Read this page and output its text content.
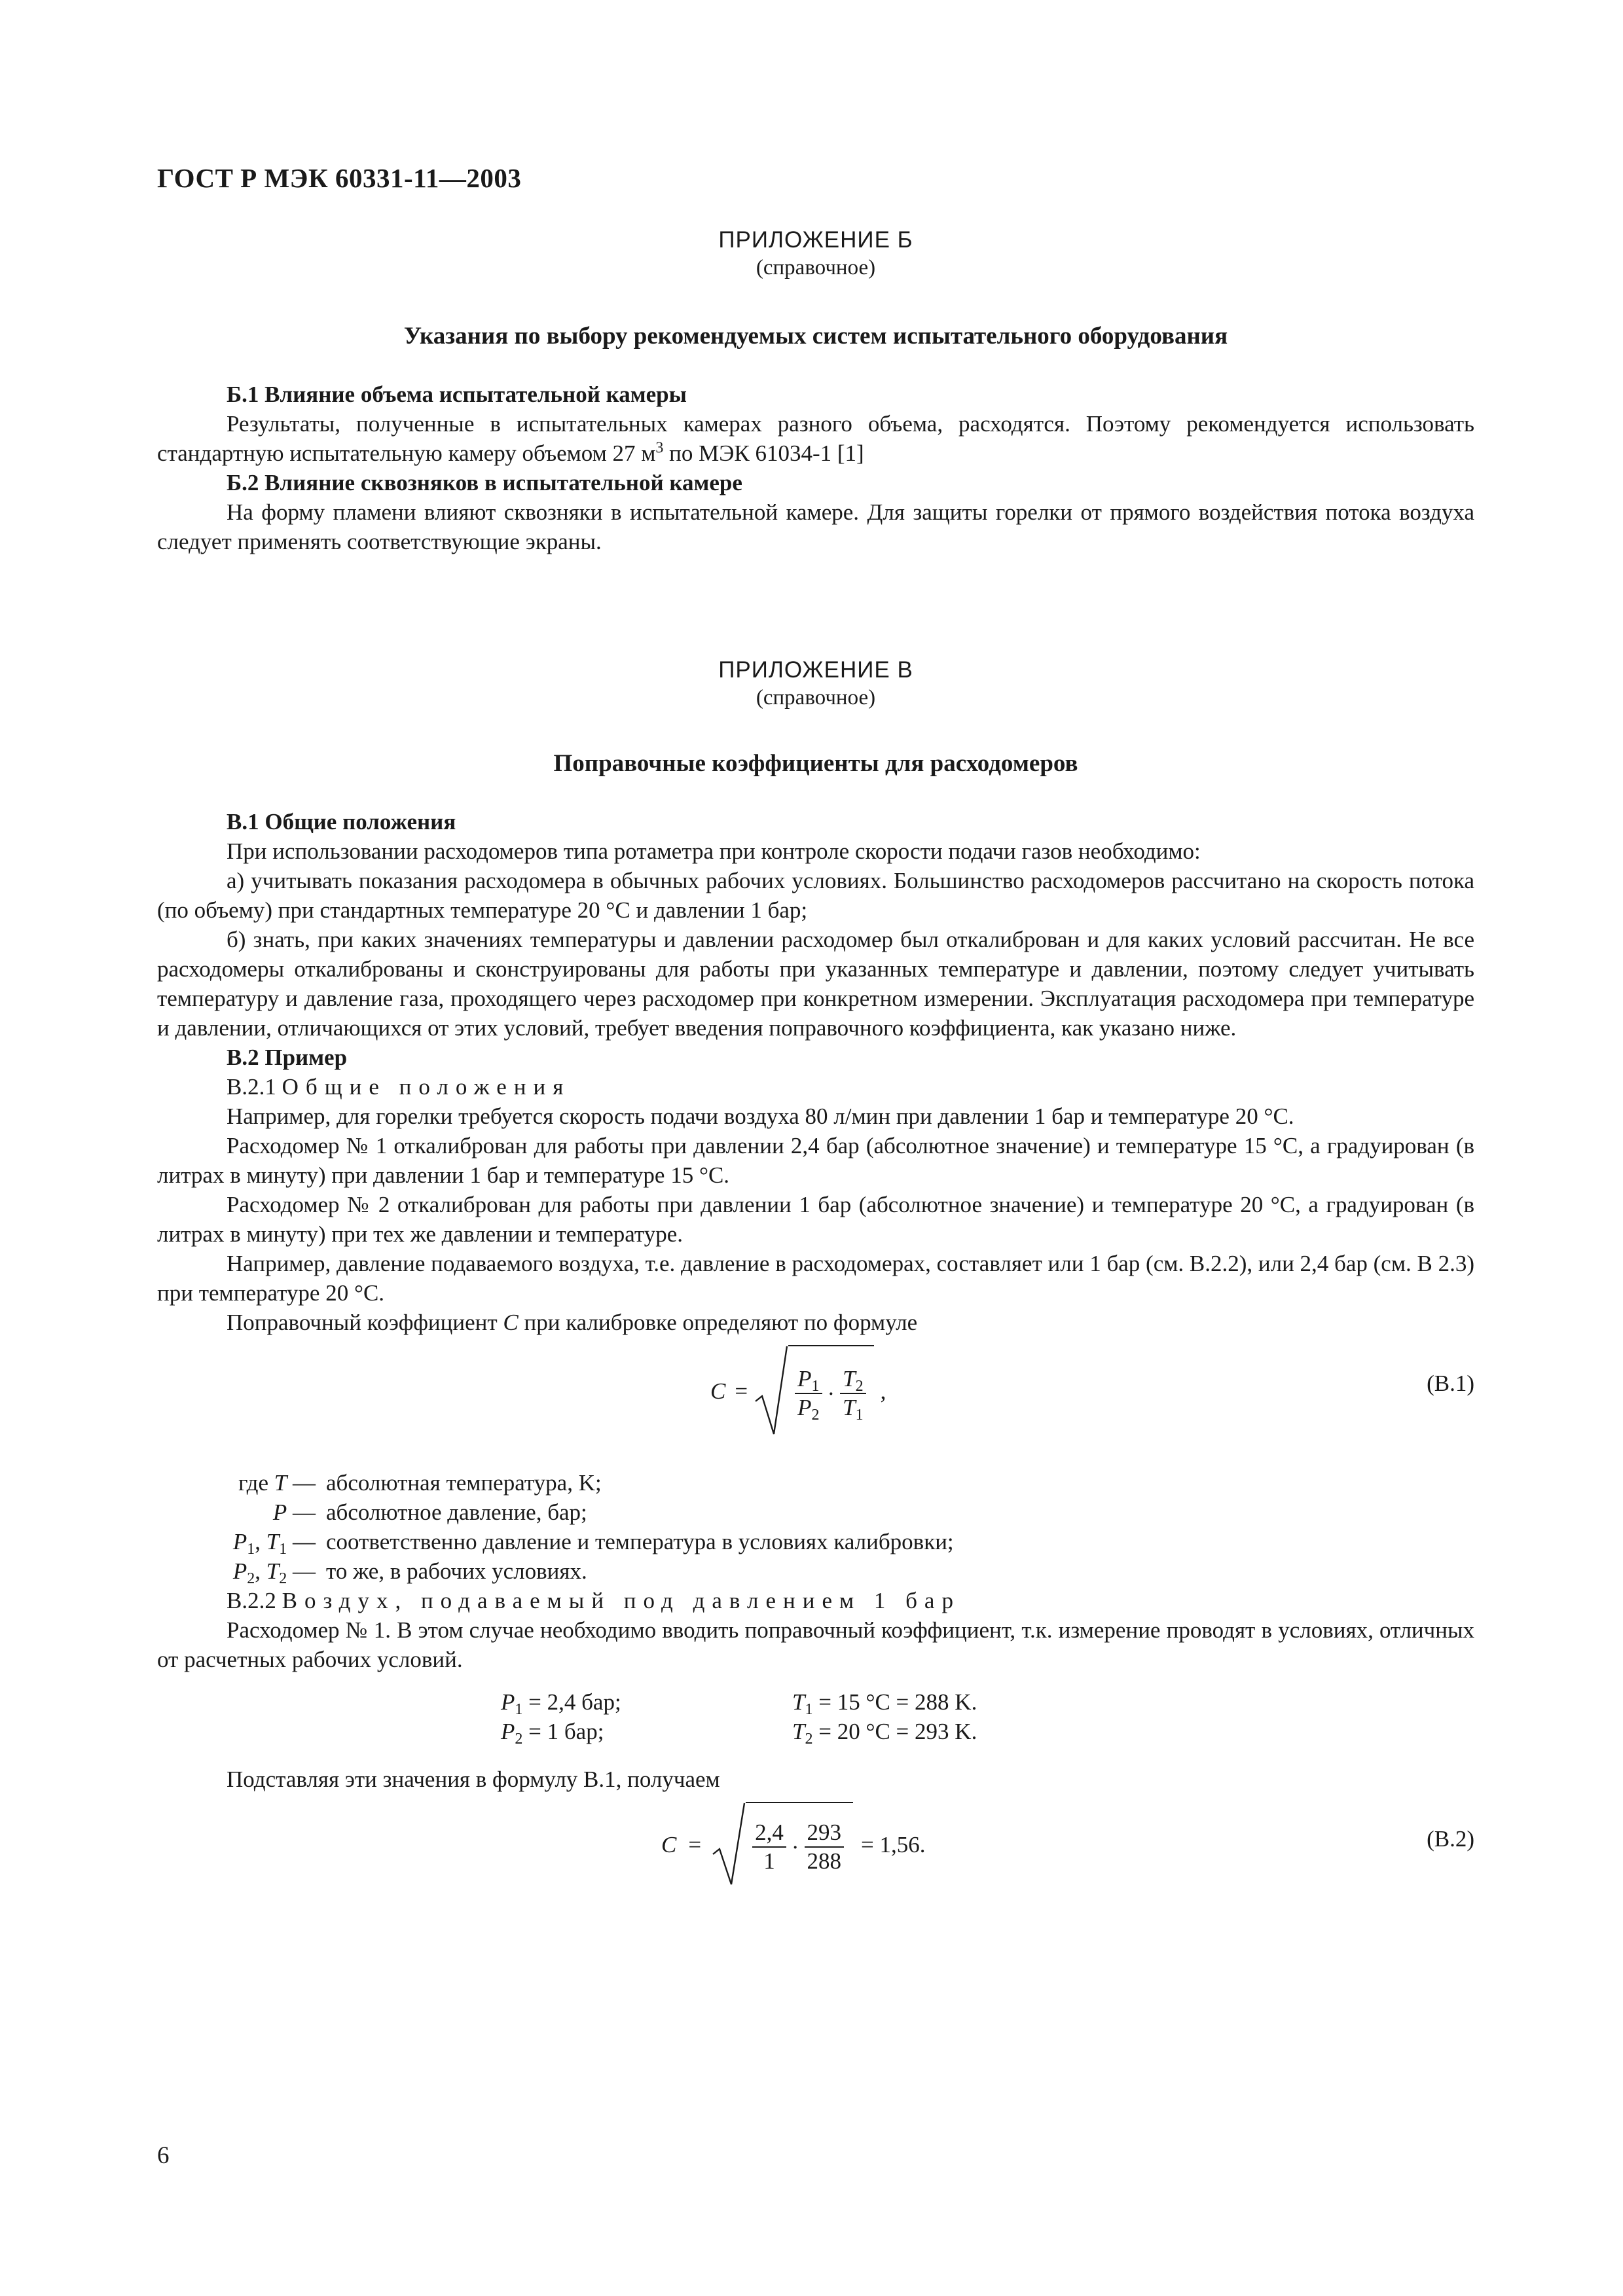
ГОСТ Р МЭК 60331-11—2003
ПРИЛОЖЕНИЕ Б
(справочное)
Указания по выбору рекомендуемых систем испытательного оборудования
Б.1 Влияние объема испытательной камеры

Результаты, полученные в испытательных камерах разного объема, расходятся. Поэтому рекомендуется использовать стандартную испытательную камеру объемом 27 $м^3$ по МЭК 61034-1 [1]

Б.2 Влияние сквозняков в испытательной камере

На форму пламени влияют сквозняки в испытательной камере. Для защиты горелки от прямого воздействия потока воздуха следует применять соответствующие экраны.

ПРИЛОЖЕНИЕ В
(справочное)
Поправочные коэффициенты для расходомеров
В.1 Общие положения

При использовании расходомеров типа ротаметра при контроле скорости подачи газов необходимо:

а) учитывать показания расходомера в обычных рабочих условиях. Большинство расходомеров рассчитано на скорость потока (по объему) при стандартных температуре 20 °С и давлении 1 бар;

б) знать, при каких значениях температуры и давлении расходомер был откалиброван и для каких условий рассчитан. Не все расходомеры откалиброваны и сконструированы для работы при указанных температуре и давлении, поэтому следует учитывать температуру и давление газа, проходящего через расходомер при конкретном измерении. Эксплуатация расходомера при температуре и давлении, отличающихся от этих условий, требует введения поправочного коэффициента, как указано ниже.

В.2 Пример
В.2.1 Общие положения

Например, для горелки требуется скорость подачи воздуха 80 л/мин при давлении 1 бар и температуре 20 °С.

Расходомер № 1 откалиброван для работы при давлении 2,4 бар (абсолютное значение) и температуре 15 °С, а градуирован (в литрах в минуту) при давлении 1 бар и температуре 15 °С.

Расходомер № 2 откалиброван для работы при давлении 1 бар (абсолютное значение) и температуре 20 °С, а градуирован (в литрах в минуту) при тех же давлении и температуре.

Например, давление подаваемого воздуха, т.е. давление в расходомерах, составляет или 1 бар (см. В.2.2), или 2,4 бар (см. В 2.3) при температуре 20 °С.

Поправочный коэффициент С при калибровке определяют по формуле

$С = \frac{P_1}{P_2} \cdot \frac{T_2}{T_1}$ ,	(В.1)
где Т — абсолютная температура, K;
Р — абсолютное давление, бар;
$P_1$, $T_1$ — соответственно давление и температура в условиях калибровки;
$P_2$, $T_2$ — то же, в рабочих условиях.
В.2.2 Воздух, подаваемый под давлением 1 бар

Расходомер № 1. В этом случае необходимо вводить поправочный коэффициент, т.к. измерение проводят в условиях, отличных от расчетных рабочих условий.

$P_1 = 2,4$ бар;	$T_1 = 15$ °С = 288 K.
$P_2 = 1$ бар;	$T_2 = 20$ °С = 293 K.

Подставляя эти значения в формулу В.1, получаем

$С = \frac{2,4}{1} \cdot \frac{293}{288} = 1,56$.	(В.2)
6
